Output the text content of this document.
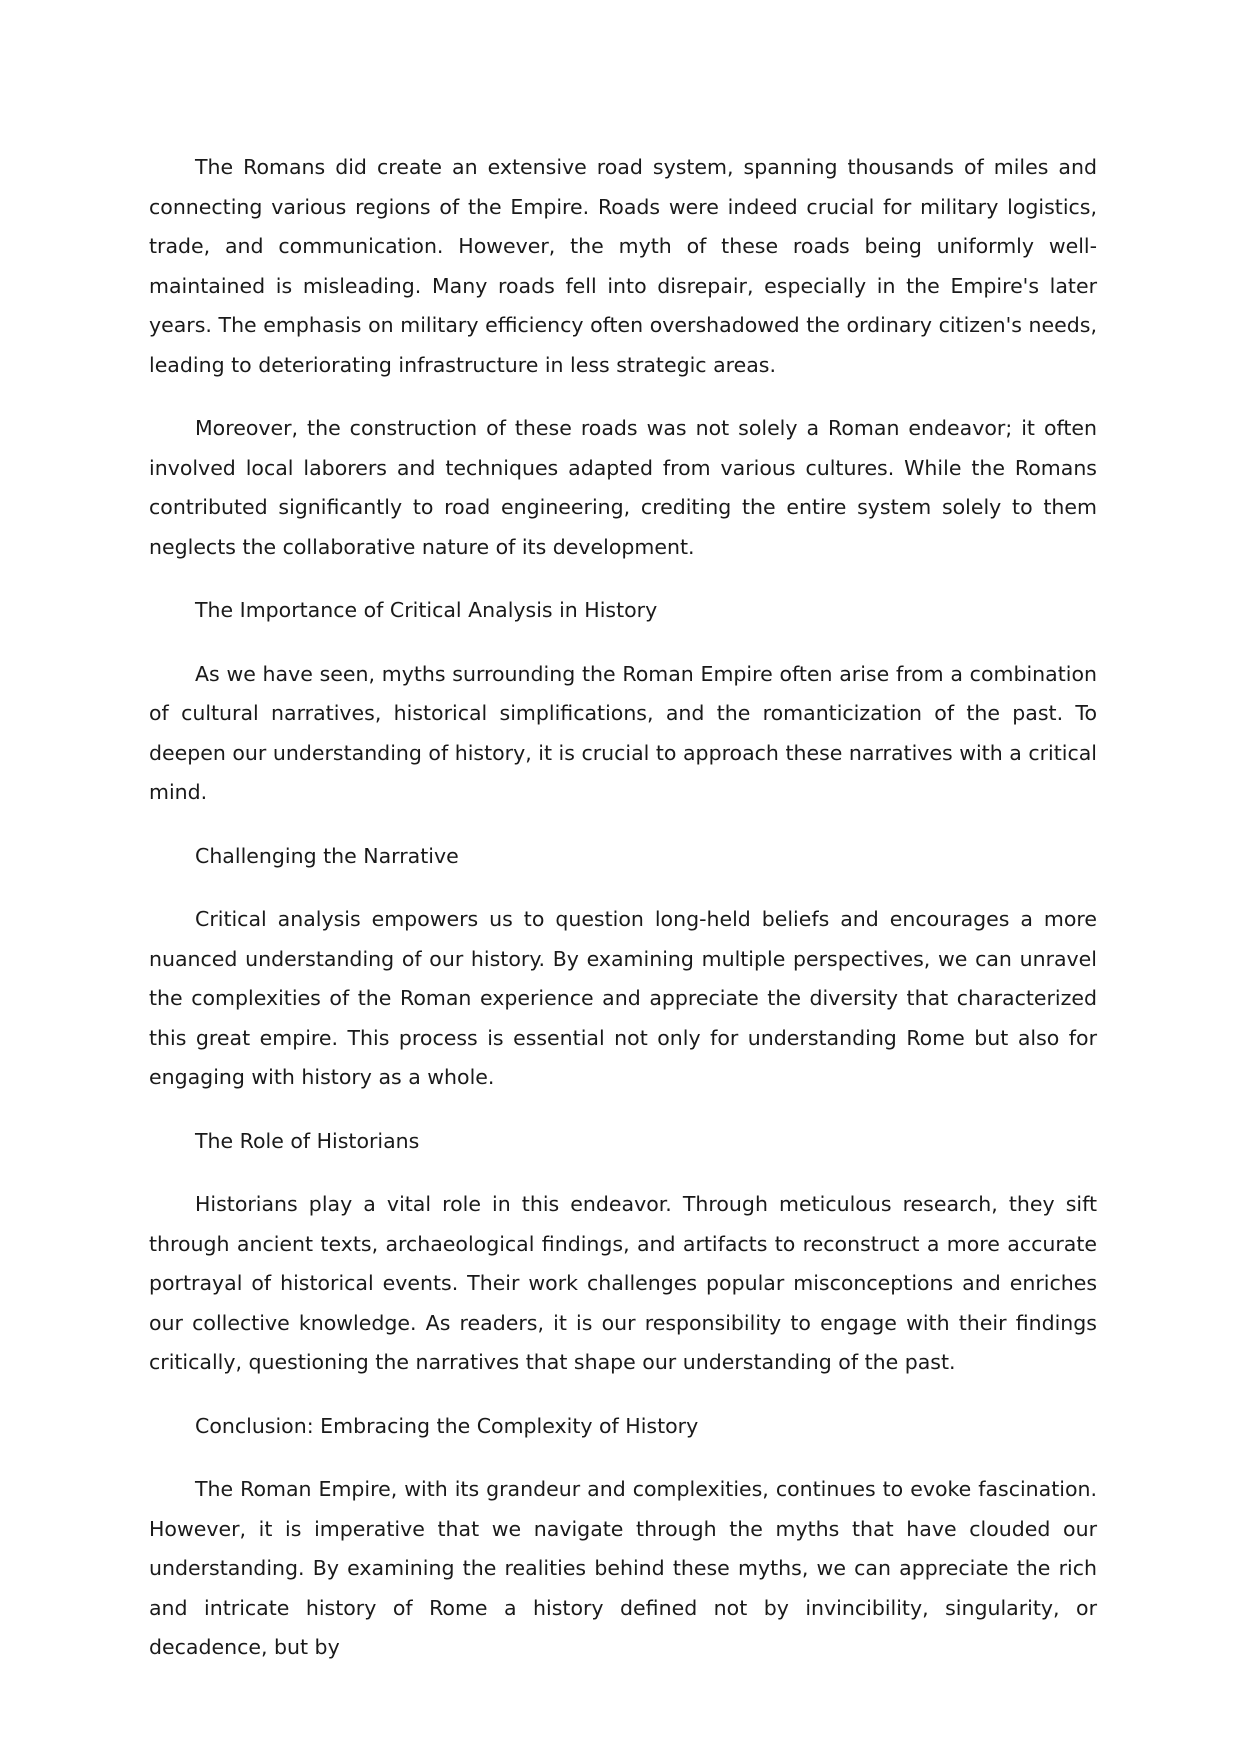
The Romans did create an extensive road system, spanning thousands of miles and connecting various regions of the Empire. Roads were indeed crucial for military logistics, trade, and communication. However, the myth of these roads being uniformly well-maintained is misleading. Many roads fell into disrepair, especially in the Empire's later years. The emphasis on military efficiency often overshadowed the ordinary citizen's needs, leading to deteriorating infrastructure in less strategic areas.

Moreover, the construction of these roads was not solely a Roman endeavor; it often involved local laborers and techniques adapted from various cultures. While the Romans contributed significantly to road engineering, crediting the entire system solely to them neglects the collaborative nature of its development.

The Importance of Critical Analysis in History

As we have seen, myths surrounding the Roman Empire often arise from a combination of cultural narratives, historical simplifications, and the romanticization of the past. To deepen our understanding of history, it is crucial to approach these narratives with a critical mind.

Challenging the Narrative

Critical analysis empowers us to question long-held beliefs and encourages a more nuanced understanding of our history. By examining multiple perspectives, we can unravel the complexities of the Roman experience and appreciate the diversity that characterized this great empire. This process is essential not only for understanding Rome but also for engaging with history as a whole.

The Role of Historians

Historians play a vital role in this endeavor. Through meticulous research, they sift through ancient texts, archaeological findings, and artifacts to reconstruct a more accurate portrayal of historical events. Their work challenges popular misconceptions and enriches our collective knowledge. As readers, it is our responsibility to engage with their findings critically, questioning the narratives that shape our understanding of the past.

Conclusion: Embracing the Complexity of History

The Roman Empire, with its grandeur and complexities, continues to evoke fascination. However, it is imperative that we navigate through the myths that have clouded our understanding. By examining the realities behind these myths, we can appreciate the rich and intricate history of Rome a history defined not by invincibility, singularity, or decadence, but by
